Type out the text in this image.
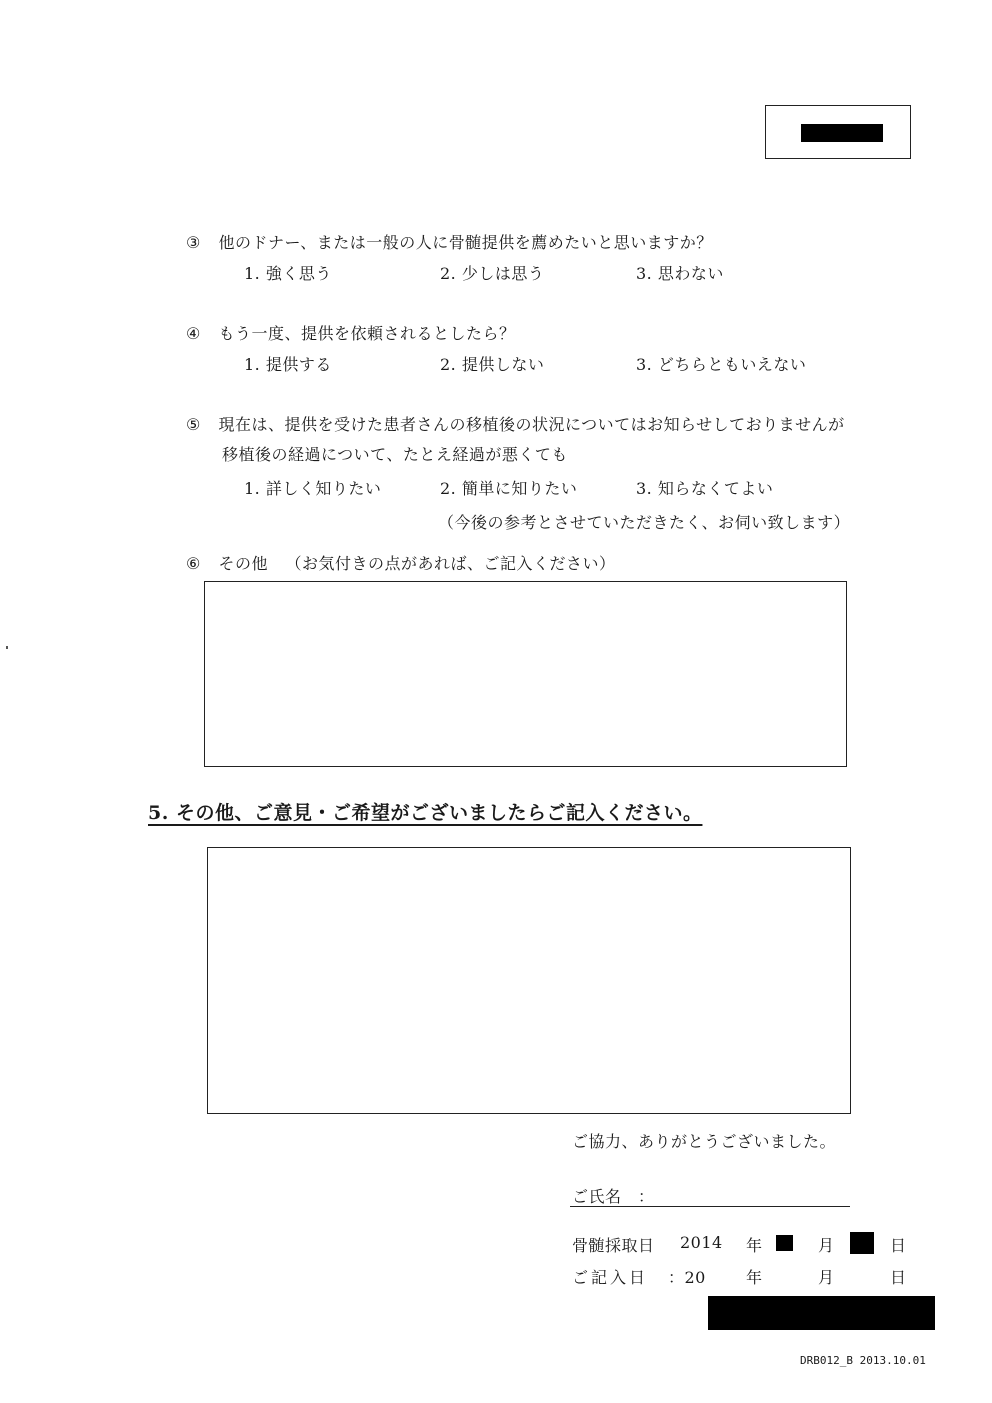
③ 他のドナー、または一般の人に骨髄提供を薦めたいと思いますか？
1. 強く思う	2. 少しは思う	3. 思わない
④ もう一度、提供を依頼されるとしたら？
1. 提供する	2. 提供しない	3. どちらともいえない
⑤ 現在は、提供を受けた患者さんの移植後の状況についてはお知らせしておりませんが
移植後の経過について、たとえ経過が悪くても
1. 詳しく知りたい	2. 簡単に知りたい	3. 知らなくてよい
（今後の参考とさせていただきたく、お伺い致します）
⑥ その他 （お気付きの点があれば、ご記入ください）
5. その他、ご意見・ご希望がございましたらご記入ください。
ご協力、ありがとうございました。
ご氏名　：
骨髄採取日 2014 年	月	日
ご記入日 ：20	年	月	日
DRB012_B 2013.10.01
